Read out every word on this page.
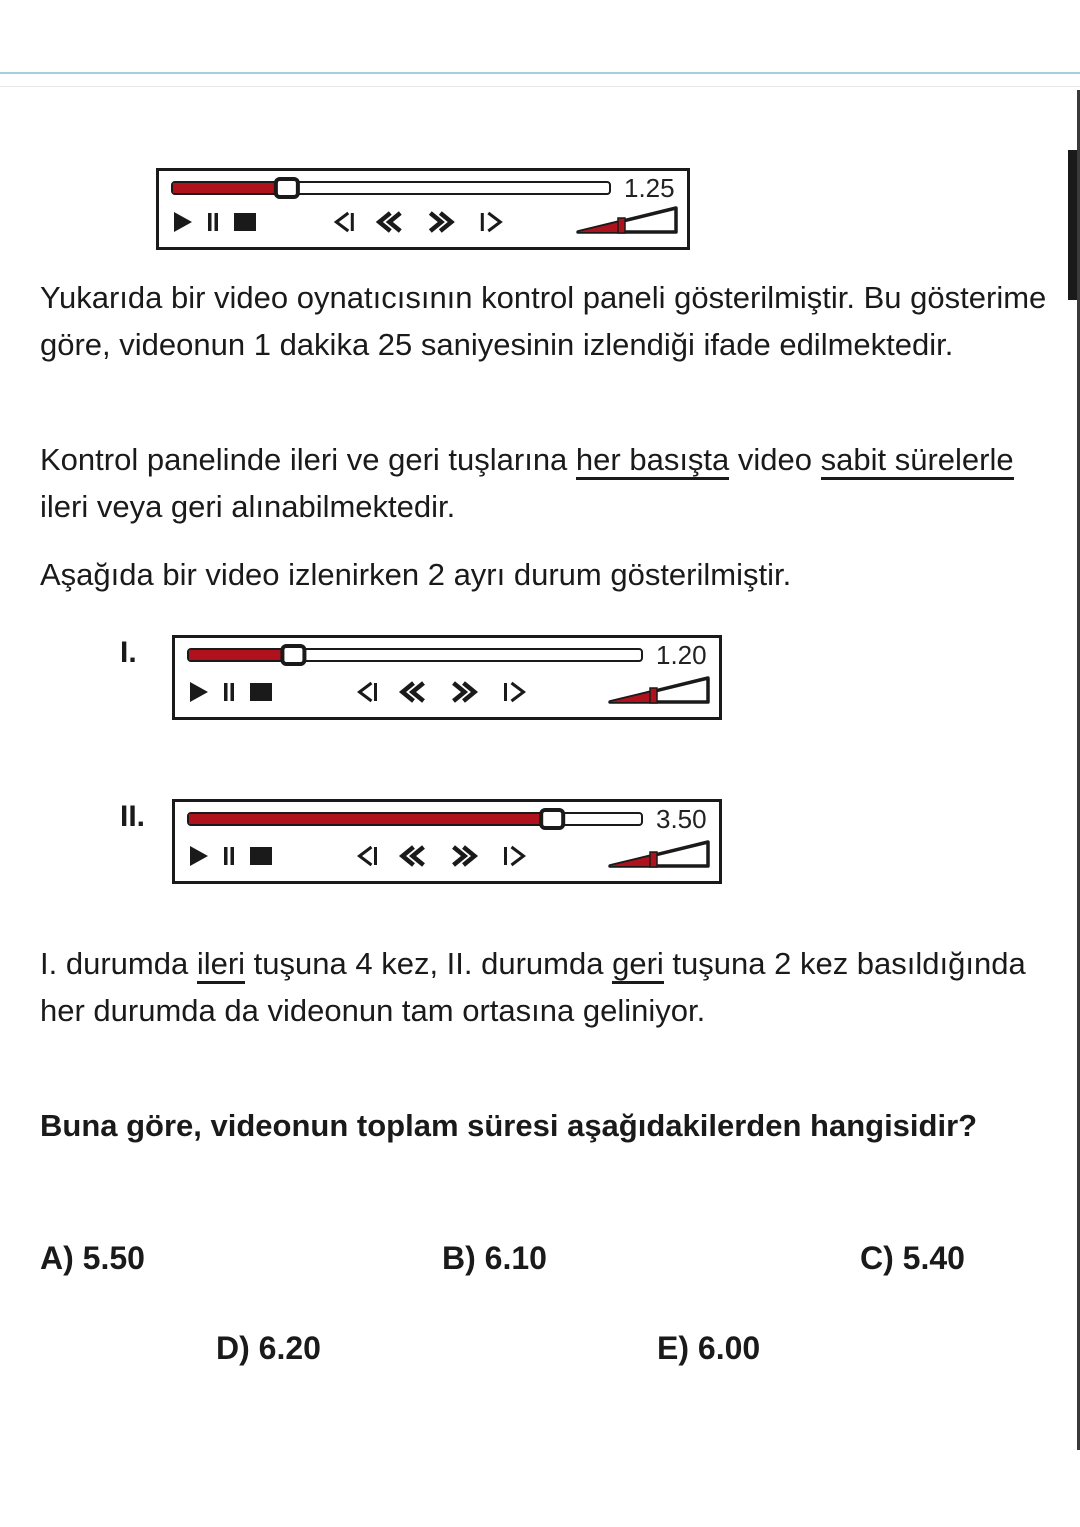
1.25

Yukarıda bir video oynatıcısının kontrol paneli gösterilmiştir. Bu gösterime göre, videonun 1 dakika 25 saniyesinin izlendiği ifade edilmektedir.

Kontrol panelinde ileri ve geri tuşlarına her basışta video sabit sürelerle ileri veya geri alınabilmektedir.

Aşağıda bir video izlenirken 2 ayrı durum gösterilmiştir.

I.	1.20
II.	3.50

I. durumda ileri tuşuna 4 kez, II. durumda geri tuşuna 2 kez basıldığında her durumda da videonun tam ortasına geliniyor.

Buna göre, videonun toplam süresi aşağıdakilerden hangisidir?

A) 5.50	B) 6.10	C) 5.40
D) 6.20	E) 6.00
